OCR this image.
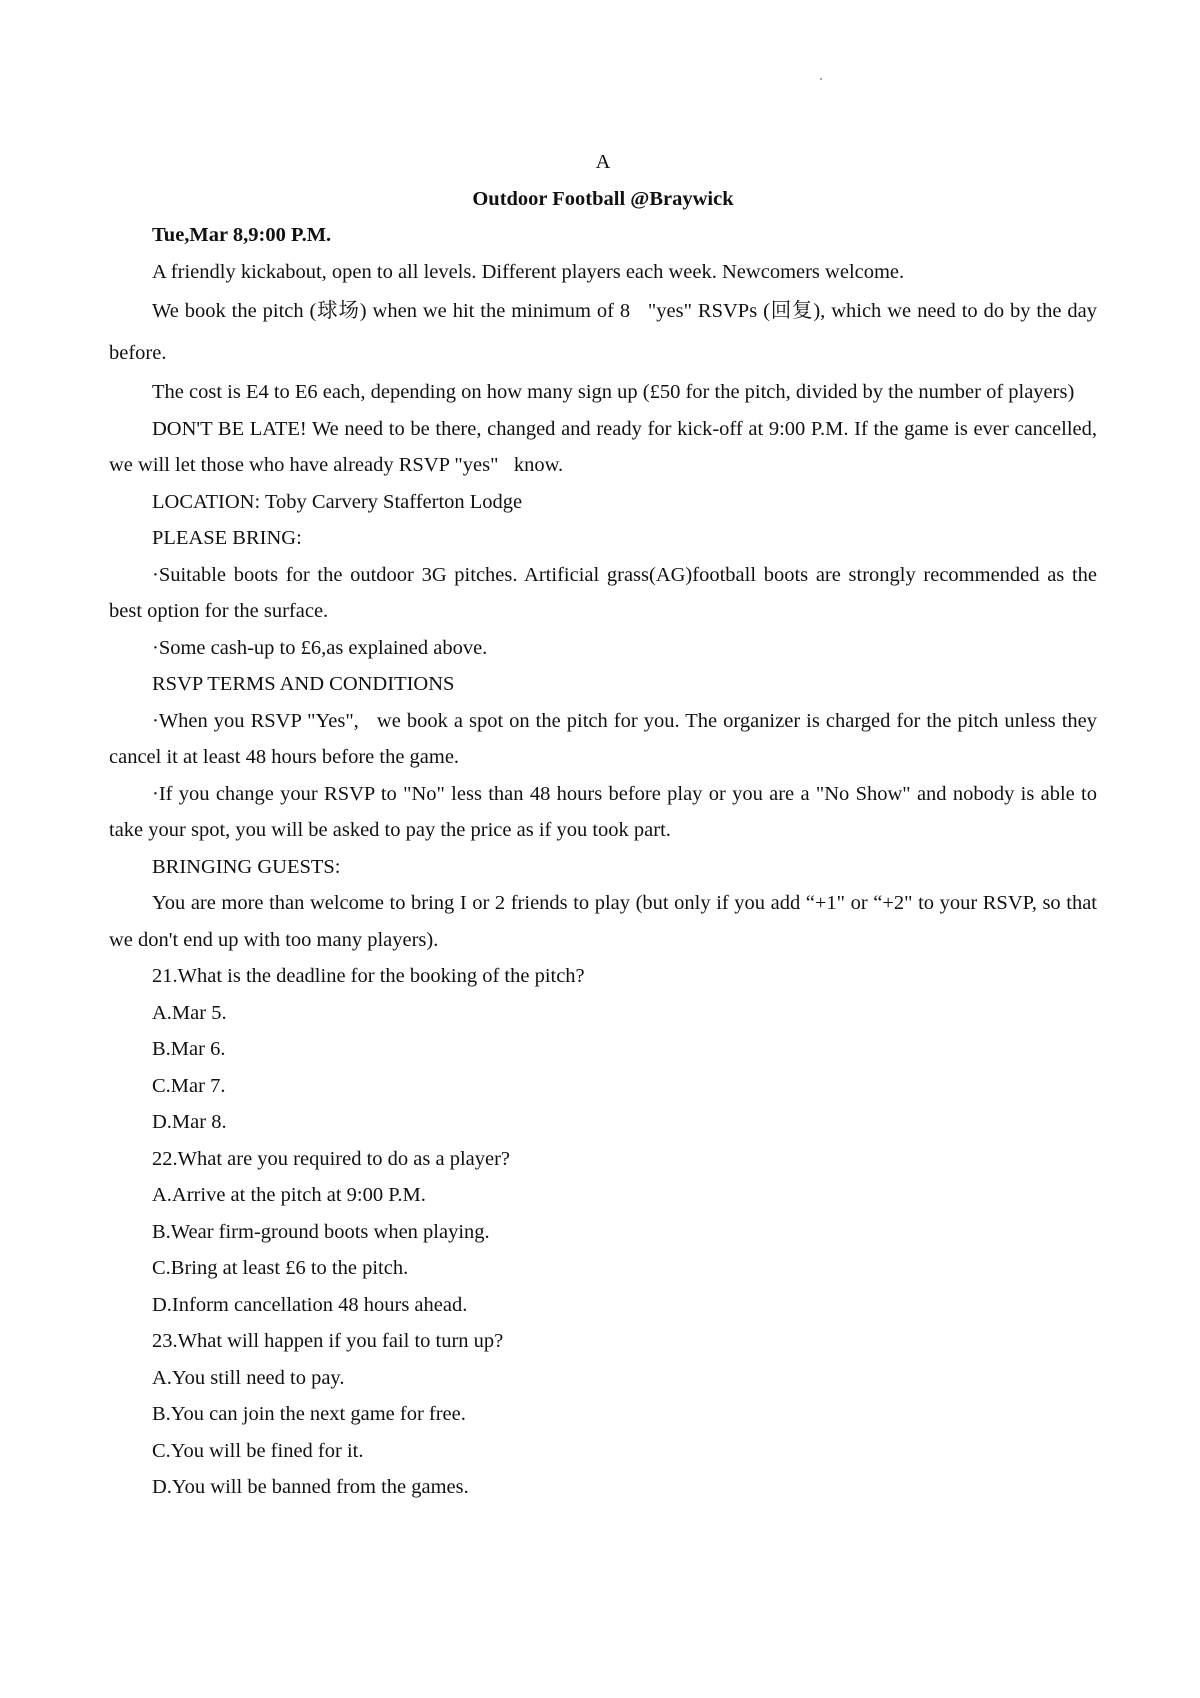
A

Outdoor Football @Braywick

Tue,Mar 8,9:00 P.M.

A friendly kickabout, open to all levels. Different players each week. Newcomers welcome.

We book the pitch (球场) when we hit the minimum of 8   "yes" RSVPs (回复), which we need to do by the day before.

The cost is E4 to E6 each, depending on how many sign up (£50 for the pitch, divided by the number of players)

DON'T BE LATE! We need to be there, changed and ready for kick-off at 9:00 P.M. If the game is ever cancelled, we will let those who have already RSVP "yes"   know.

LOCATION: Toby Carvery Stafferton Lodge

PLEASE BRING:

·Suitable boots for the outdoor 3G pitches. Artificial grass(AG)football boots are strongly recommended as the best option for the surface.

·Some cash-up to £6,as explained above.

RSVP TERMS AND CONDITIONS

·When you RSVP "Yes",   we book a spot on the pitch for you. The organizer is charged for the pitch unless they cancel it at least 48 hours before the game.

·If you change your RSVP to "No" less than 48 hours before play or you are a "No Show" and nobody is able to take your spot, you will be asked to pay the price as if you took part.

BRINGING GUESTS:

You are more than welcome to bring I or 2 friends to play (but only if you add “+1" or “+2" to your RSVP, so that we don't end up with too many players).

21.What is the deadline for the booking of the pitch?

A.Mar 5.

B.Mar 6.

C.Mar 7.

D.Mar 8.

22.What are you required to do as a player?

A.Arrive at the pitch at 9:00 P.M.

B.Wear firm-ground boots when playing.

C.Bring at least £6 to the pitch.

D.Inform cancellation 48 hours ahead.

23.What will happen if you fail to turn up?

A.You still need to pay.

B.You can join the next game for free.

C.You will be fined for it.

D.You will be banned from the games.
